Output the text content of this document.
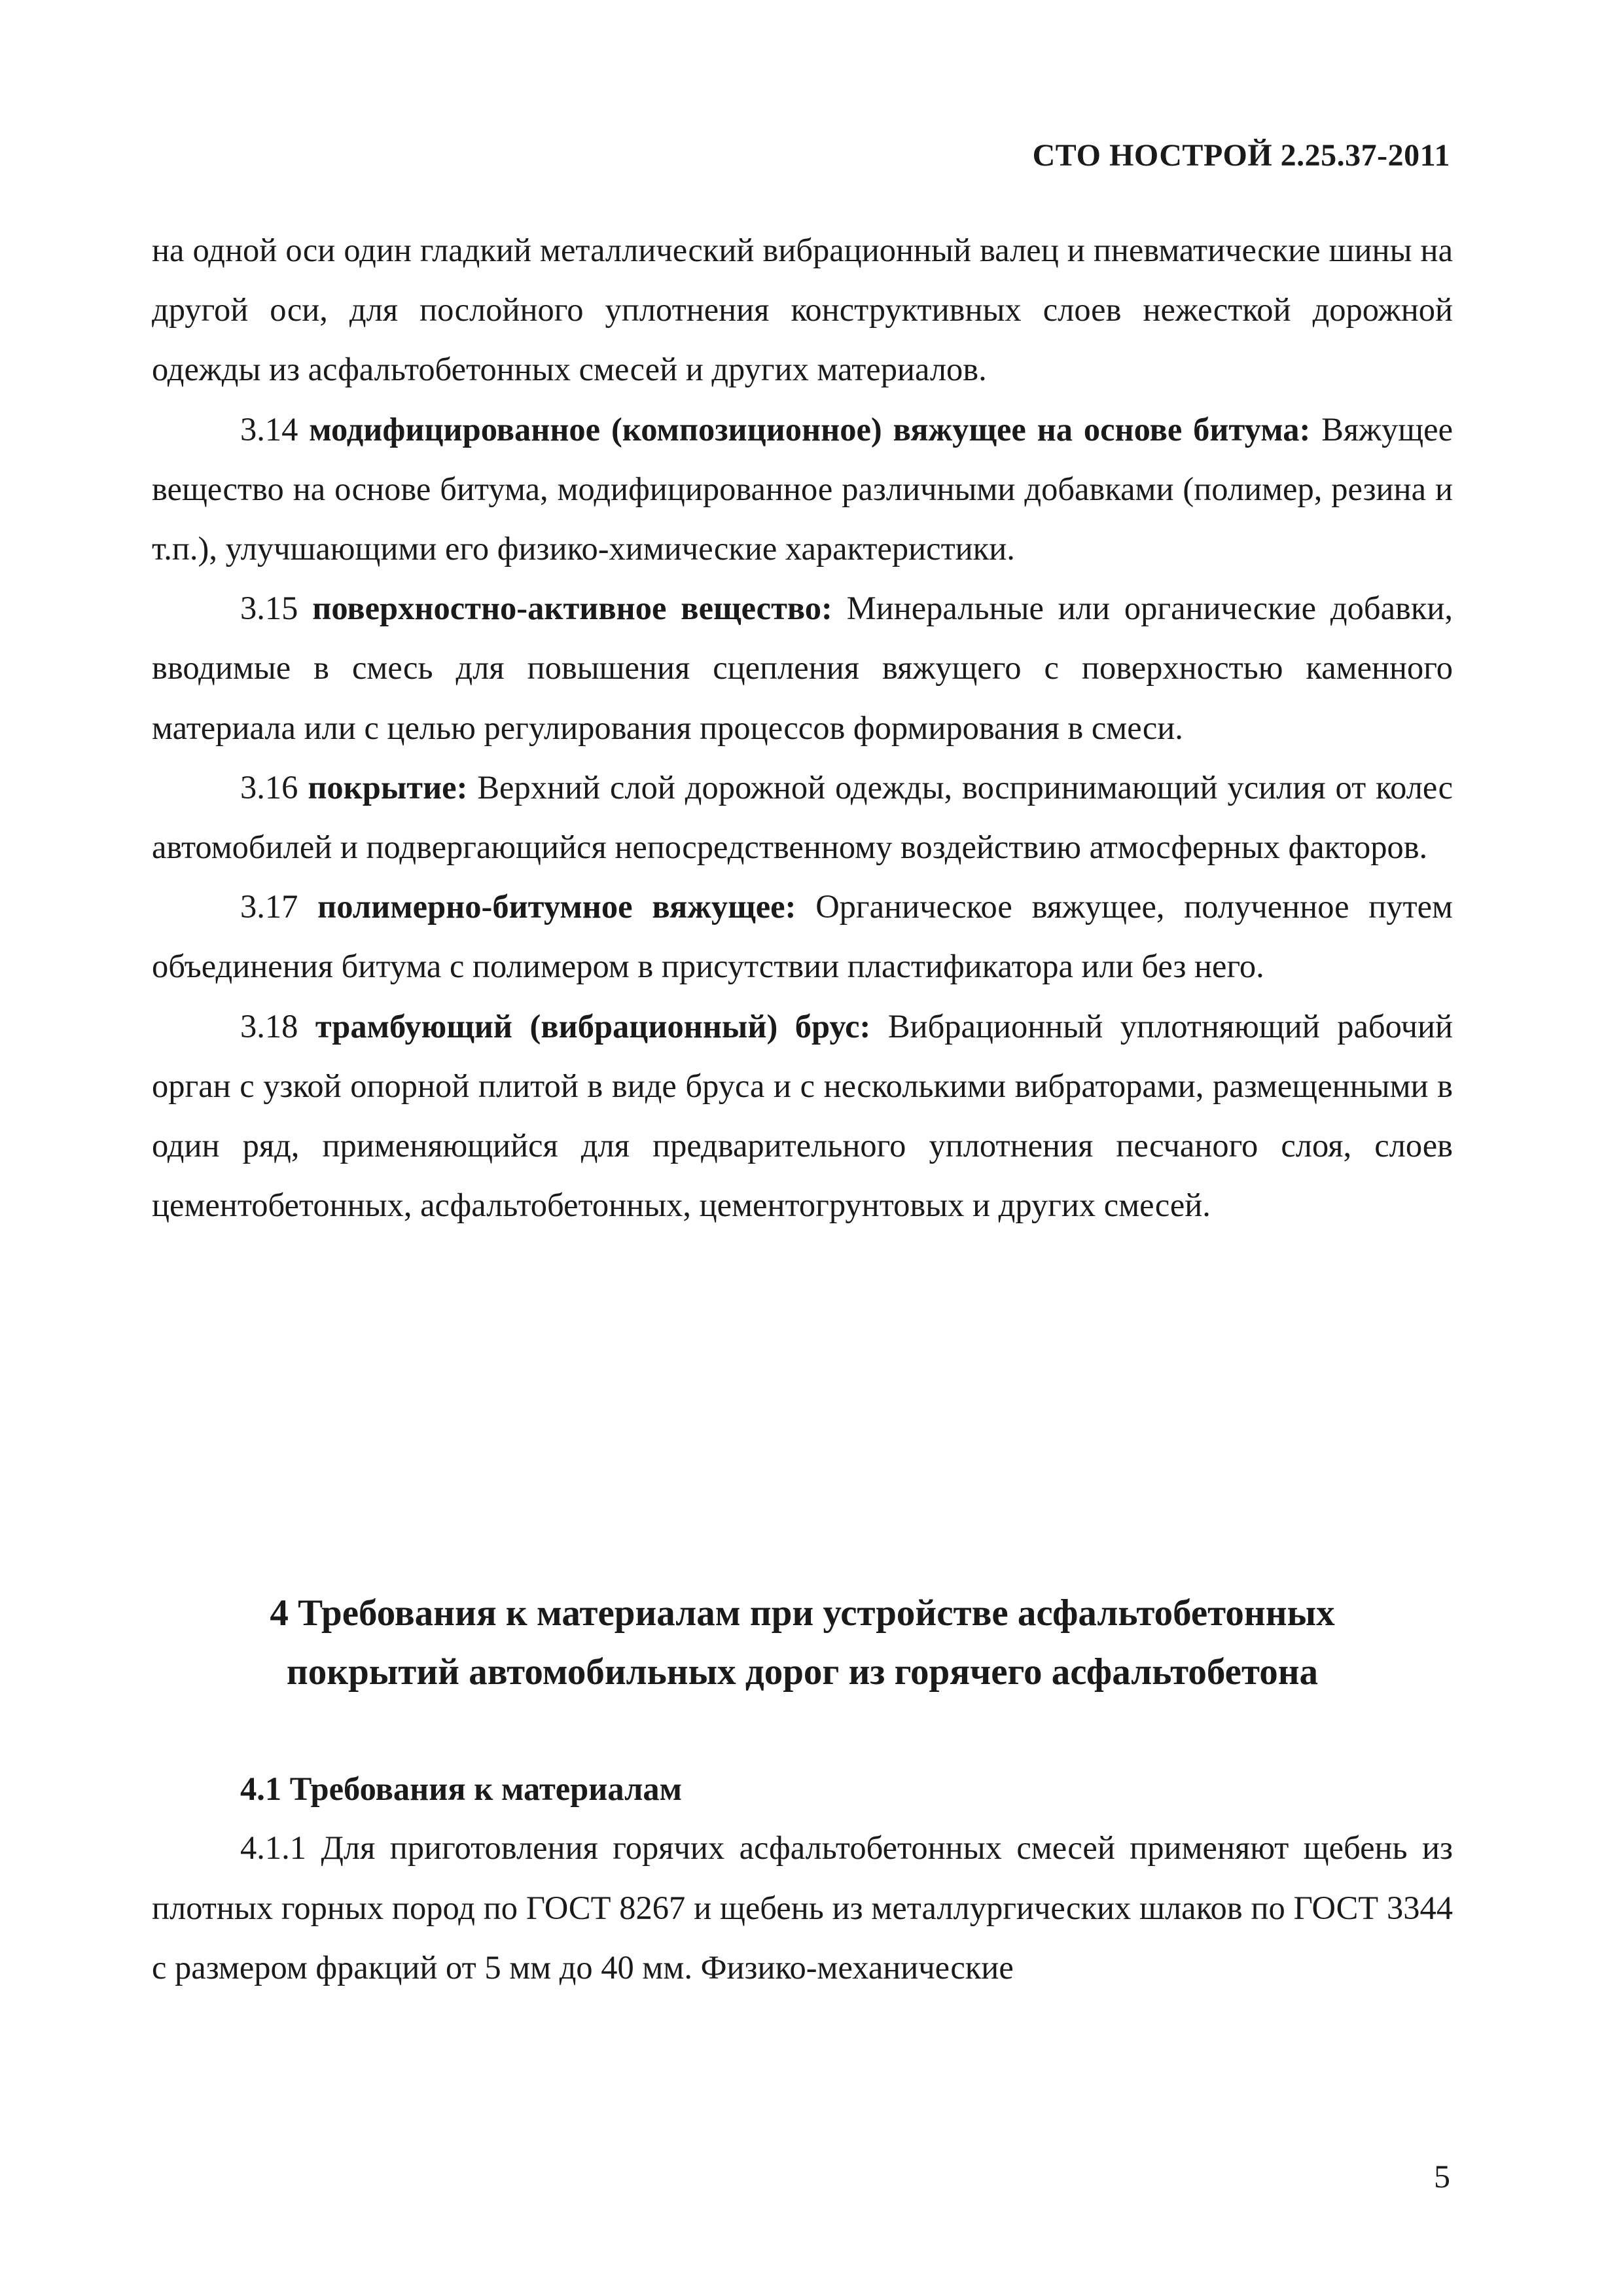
СТО НОСТРОЙ 2.25.37-2011

на одной оси один гладкий металлический вибрационный валец и пневматические шины на другой оси, для послойного уплотнения конструктивных слоев нежесткой дорожной одежды из асфальтобетонных смесей и других материалов.

3.14 модифицированное (композиционное) вяжущее на основе битума: Вяжущее вещество на основе битума, модифицированное различными добавками (полимер, резина и т.п.), улучшающими его физико-химические характеристики.

3.15 поверхностно-активное вещество: Минеральные или органические добавки, вводимые в смесь для повышения сцепления вяжущего с поверхностью каменного материала или с целью регулирования процессов формирования в смеси.

3.16 покрытие: Верхний слой дорожной одежды, воспринимающий усилия от колес автомобилей и подвергающийся непосредственному воздействию атмосферных факторов.

3.17 полимерно-битумное вяжущее: Органическое вяжущее, полученное путем объединения битума с полимером в присутствии пластификатора или без него.

3.18 трамбующий (вибрационный) брус: Вибрационный уплотняющий рабочий орган с узкой опорной плитой в виде бруса и с несколькими вибраторами, размещенными в один ряд, применяющийся для предварительного уплотнения песчаного слоя, слоев цементобетонных, асфальтобетонных, цементогрунтовых и других смесей.

4 Требования к материалам при устройстве асфальтобетонных
покрытий автомобильных дорог из горячего асфальтобетона
4.1 Требования к материалам

4.1.1 Для приготовления горячих асфальтобетонных смесей применяют щебень из плотных горных пород по ГОСТ 8267 и щебень из металлургических шлаков по ГОСТ 3344 с размером фракций от 5 мм до 40 мм. Физико-механические

5
